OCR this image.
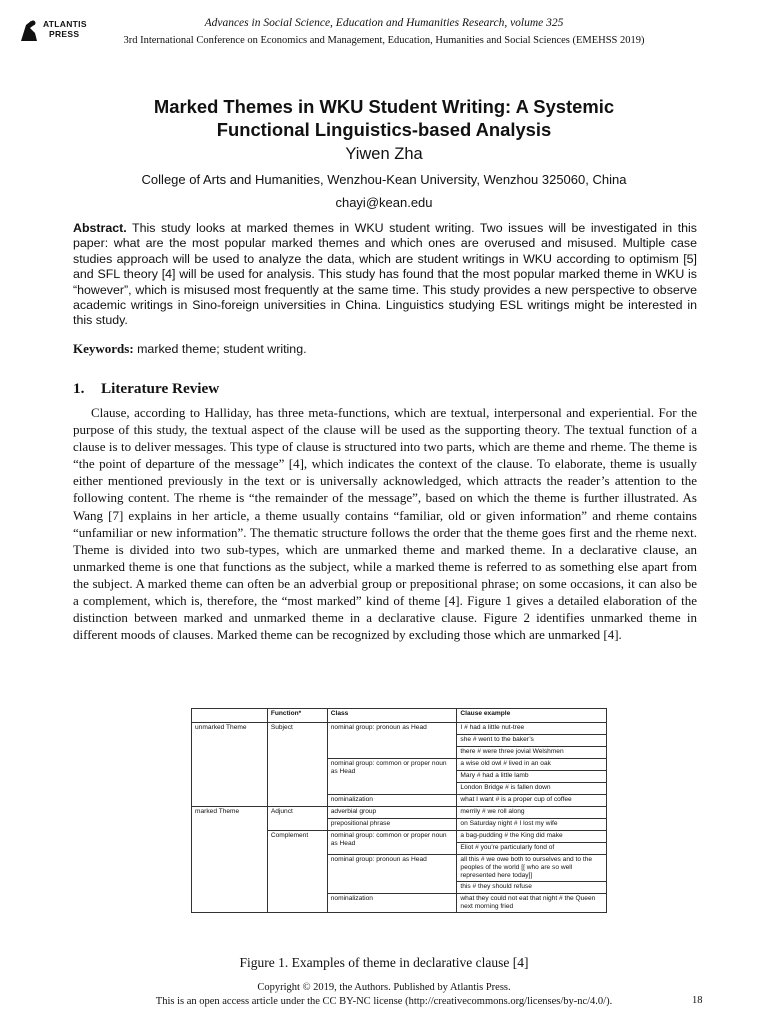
ATLANTIS
PRESS
Advances in Social Science, Education and Humanities Research, volume 325
3rd International Conference on Economics and Management, Education, Humanities and Social Sciences (EMEHSS 2019)
Marked Themes in WKU Student Writing: A Systemic
Functional Linguistics-based Analysis
Yiwen Zha
College of Arts and Humanities, Wenzhou-Kean University, Wenzhou 325060, China
chayi@kean.edu
Abstract. This study looks at marked themes in WKU student writing. Two issues will be investigated in this paper: what are the most popular marked themes and which ones are overused and misused. Multiple case studies approach will be used to analyze the data, which are student writings in WKU according to optimism [5] and SFL theory [4] will be used for analysis. This study has found that the most popular marked theme in WKU is “however”, which is misused most frequently at the same time. This study provides a new perspective to observe academic writings in Sino-foreign universities in China. Linguistics studying ESL writings might be interested in this study.
Keywords: marked theme; student writing.
1. Literature Review
Clause, according to Halliday, has three meta-functions, which are textual, interpersonal and experiential. For the purpose of this study, the textual aspect of the clause will be used as the supporting theory. The textual function of a clause is to deliver messages. This type of clause is structured into two parts, which are theme and rheme. The theme is “the point of departure of the message” [4], which indicates the context of the clause. To elaborate, theme is usually either mentioned previously in the text or is universally acknowledged, which attracts the reader’s attention to the following content. The rheme is “the remainder of the message”, based on which the theme is further illustrated. As Wang [7] explains in her article, a theme usually contains “familiar, old or given information” and rheme contains “unfamiliar or new information”. The thematic structure follows the order that the theme goes first and the rheme next. Theme is divided into two sub-types, which are unmarked theme and marked theme. In a declarative clause, an unmarked theme is one that functions as the subject, while a marked theme is referred to as something else apart from the subject. A marked theme can often be an adverbial group or prepositional phrase; on some occasions, it can also be a complement, which is, therefore, the “most marked” kind of theme [4]. Figure 1 gives a detailed elaboration of the distinction between marked and unmarked theme in a declarative clause. Figure 2 identifies unmarked theme in different moods of clauses. Marked theme can be recognized by excluding those which are unmarked [4].
	Function*	Class	Clause example
unmarked Theme	Subject	nominal group: pronoun as Head	I # had a little nut-tree
			she # went to the baker’s
			there # were three jovial Welshmen
		nominal group: common or proper noun as Head	a wise old owl # lived in an oak
			Mary # had a little lamb
			London Bridge # is fallen down
		nominalization	what I want # is a proper cup of coffee
marked Theme	Adjunct	adverbial group	merrily # we roll along
		prepositional phrase	on Saturday night # I lost my wife
	Complement	nominal group: common or proper noun as Head	a bag-pudding # the King did make
			Eliot # you’re particularly fond of
		nominal group: pronoun as Head	all this # we owe both to ourselves and to the peoples of the world [[ who are so well represented here today]]
			this # they should refuse
		nominalization	what they could not eat that night # the Queen next morning fried
Figure 1. Examples of theme in declarative clause [4]
Copyright © 2019, the Authors. Published by Atlantis Press.
This is an open access article under the CC BY-NC license (http://creativecommons.org/licenses/by-nc/4.0/).	18
